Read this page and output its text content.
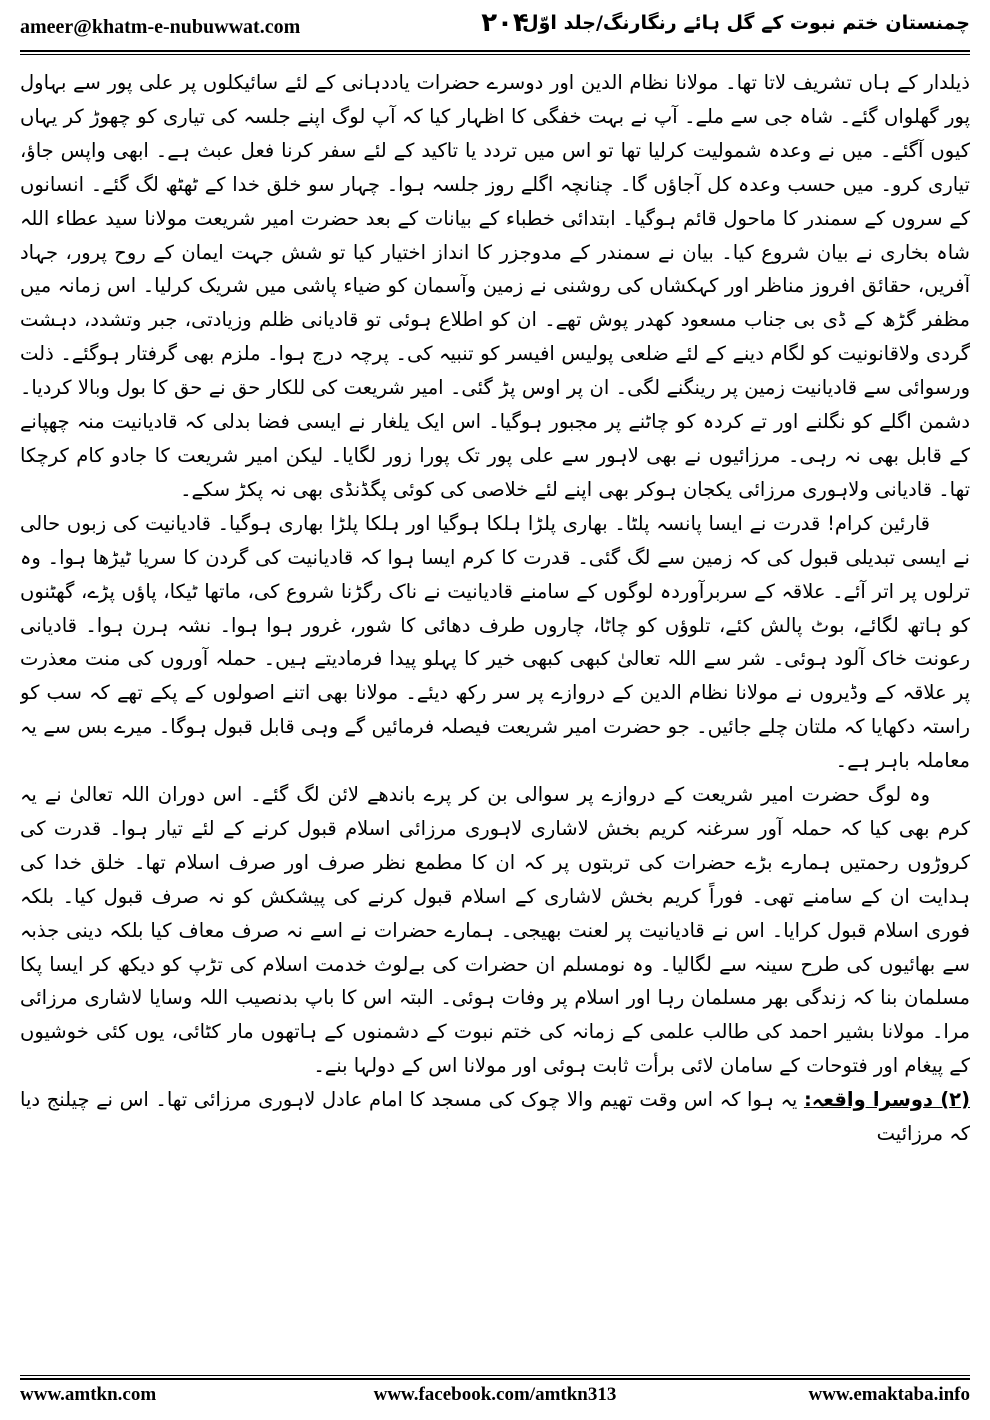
ameer@khatm-e-nubuwwat.com	۲۰۴
چمنستان ختم نبوت کے گل ہائے رنگارنگ/جلد اوّل

ذیلدار کے ہاں تشریف لاتا تھا۔ مولانا نظام الدین اور دوسرے حضرات یاددہانی کے لئے سائیکلوں پر علی پور سے بہاول پور گھلواں گئے۔ شاہ جی سے ملے۔ آپ نے بہت خفگی کا اظہار کیا کہ آپ لوگ اپنے جلسہ کی تیاری کو چھوڑ کر یہاں کیوں آگئے۔ میں نے وعدہ شمولیت کرلیا تھا تو اس میں تردد یا تاکید کے لئے سفر کرنا فعل عبث ہے۔ ابھی واپس جاؤ، تیاری کرو۔ میں حسب وعدہ کل آجاؤں گا۔ چنانچہ اگلے روز جلسہ ہوا۔ چہار سو خلق خدا کے ٹھٹھ لگ گئے۔ انسانوں کے سروں کے سمندر کا ماحول قائم ہوگیا۔ ابتدائی خطباء کے بیانات کے بعد حضرت امیر شریعت مولانا سید عطاء اللہ شاہ بخاری نے بیان شروع کیا۔ بیان نے سمندر کے مدوجزر کا انداز اختیار کیا تو شش جہت ایمان کے روح پرور، جہاد آفریں، حقائق افروز مناظر اور کہکشاں کی روشنی نے زمین وآسمان کو ضیاء پاشی میں شریک کرلیا۔ اس زمانہ میں مظفر گڑھ کے ڈی بی جناب مسعود کھدر پوش تھے۔ ان کو اطلاع ہوئی تو قادیانی ظلم وزیادتی، جبر وتشدد، دہشت گردی ولاقانونیت کو لگام دینے کے لئے ضلعی پولیس افیسر کو تنبیہ کی۔ پرچہ درج ہوا۔ ملزم بھی گرفتار ہوگئے۔ ذلت ورسوائی سے قادیانیت زمین پر رینگنے لگی۔ ان پر اوس پڑ گئی۔ امیر شریعت کی للکار حق نے حق کا بول وبالا کردیا۔ دشمن اگلے کو نگلنے اور تے کردہ کو چاٹنے پر مجبور ہوگیا۔ اس ایک یلغار نے ایسی فضا بدلی کہ قادیانیت منہ چھپانے کے قابل بھی نہ رہی۔ مرزائیوں نے بھی لاہور سے علی پور تک پورا زور لگایا۔ لیکن امیر شریعت کا جادو کام کرچکا تھا۔ قادیانی ولاہوری مرزائی یکجان ہوکر بھی اپنے لئے خلاصی کی کوئی پگڈنڈی بھی نہ پکڑ سکے۔

قارئین کرام! قدرت نے ایسا پانسہ پلٹا۔ بھاری پلڑا ہلکا ہوگیا اور ہلکا پلڑا بھاری ہوگیا۔ قادیانیت کی زبوں حالی نے ایسی تبدیلی قبول کی کہ زمین سے لگ گئی۔ قدرت کا کرم ایسا ہوا کہ قادیانیت کی گردن کا سریا ٹیڑھا ہوا۔ وہ ترلوں پر اتر آئے۔ علاقہ کے سربرآوردہ لوگوں کے سامنے قادیانیت نے ناک رگڑنا شروع کی، ماتھا ٹیکا، پاؤں پڑے، گھٹنوں کو ہاتھ لگائے، بوٹ پالش کئے، تلوؤں کو چاٹا، چاروں طرف دھائی کا شور، غرور ہوا ہوا۔ نشہ ہرن ہوا۔ قادیانی رعونت خاک آلود ہوئی۔ شر سے اللہ تعالیٰ کبھی کبھی خیر کا پہلو پیدا فرمادیتے ہیں۔ حملہ آوروں کی منت معذرت پر علاقہ کے وڈیروں نے مولانا نظام الدین کے دروازے پر سر رکھ دیئے۔ مولانا بھی اتنے اصولوں کے پکے تھے کہ سب کو راستہ دکھایا کہ ملتان چلے جائیں۔ جو حضرت امیر شریعت فیصلہ فرمائیں گے وہی قابل قبول ہوگا۔ میرے بس سے یہ معاملہ باہر ہے۔

وہ لوگ حضرت امیر شریعت کے دروازے پر سوالی بن کر پرے باندھے لائن لگ گئے۔ اس دوران اللہ تعالیٰ نے یہ کرم بھی کیا کہ حملہ آور سرغنہ کریم بخش لاشاری لاہوری مرزائی اسلام قبول کرنے کے لئے تیار ہوا۔ قدرت کی کروڑوں رحمتیں ہمارے بڑے حضرات کی تربتوں پر کہ ان کا مطمع نظر صرف اور صرف اسلام تھا۔ خلق خدا کی ہدایت ان کے سامنے تھی۔ فوراً کریم بخش لاشاری کے اسلام قبول کرنے کی پیشکش کو نہ صرف قبول کیا۔ بلکہ فوری اسلام قبول کرایا۔ اس نے قادیانیت پر لعنت بھیجی۔ ہمارے حضرات نے اسے نہ صرف معاف کیا بلکہ دینی جذبہ سے بھائیوں کی طرح سینہ سے لگالیا۔ وہ نومسلم ان حضرات کی بےلوث خدمت اسلام کی تڑپ کو دیکھ کر ایسا پکا مسلمان بنا کہ زندگی بھر مسلمان رہا اور اسلام پر وفات ہوئی۔ البتہ اس کا باپ بدنصیب اللہ وسایا لاشاری مرزائی مرا۔ مولانا بشیر احمد کی طالب علمی کے زمانہ کی ختم نبوت کے دشمنوں کے ہاتھوں مار کٹائی، یوں کئی خوشیوں کے پیغام اور فتوحات کے سامان لائی برأت ثابت ہوئی اور مولانا اس کے دولہا بنے۔

(۲) دوسرا واقعہ: یہ ہوا کہ اس وقت تھیم والا چوک کی مسجد کا امام عادل لاہوری مرزائی تھا۔ اس نے چیلنج دیا کہ مرزائیت

www.amtkn.com	www.facebook.com/amtkn313	www.emaktaba.info
